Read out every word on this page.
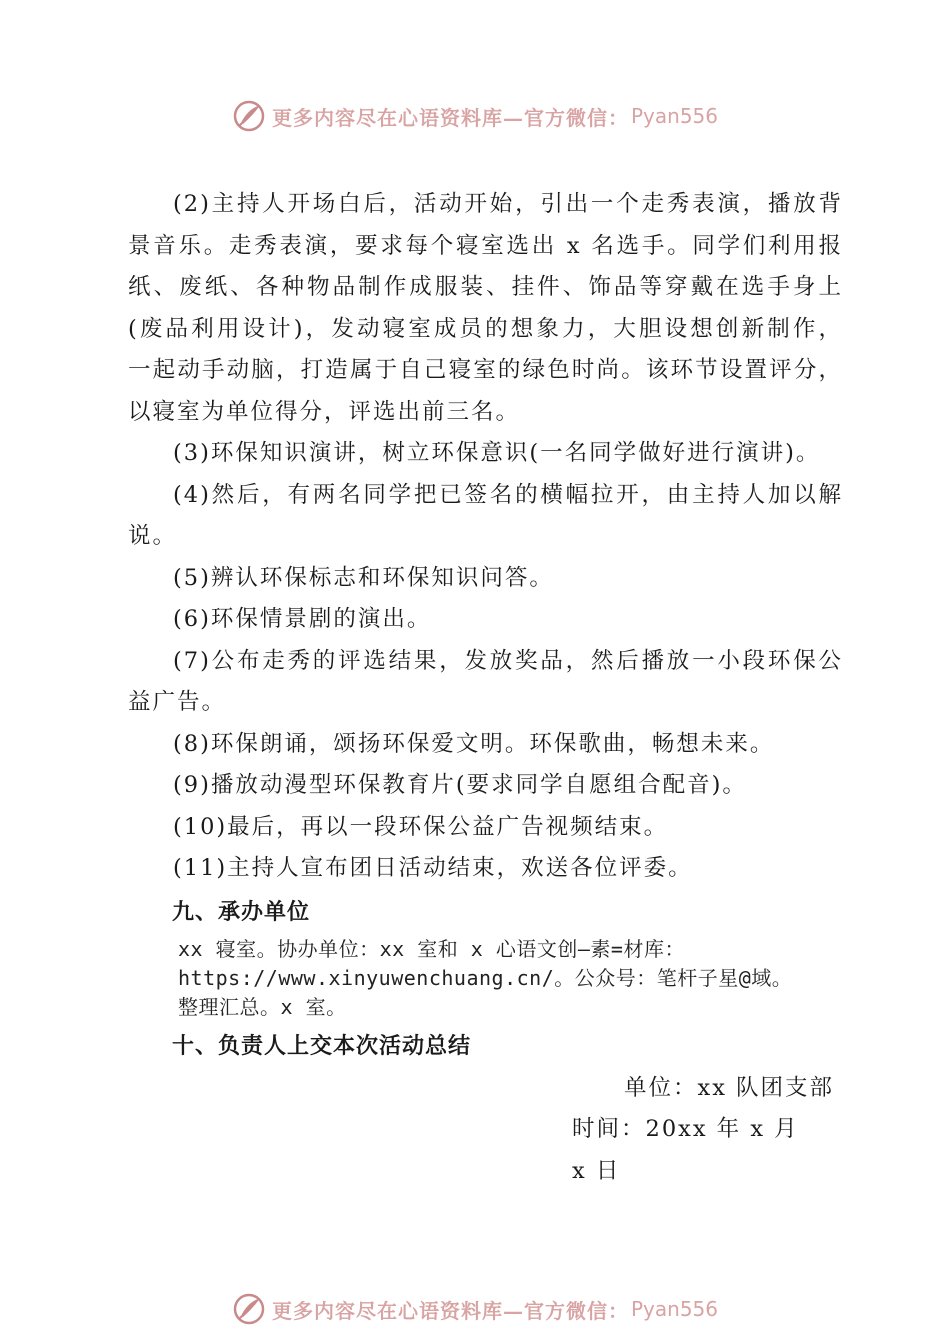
更多内容尽在心语资料库—官方微信： Pyan556

(2)主持人开场白后，活动开始，引出一个走秀表演，播放背景音乐。走秀表演，要求每个寝室选出 x 名选手。同学们利用报纸、废纸、各种物品制作成服装、挂件、饰品等穿戴在选手身上 (废品利用设计)，发动寝室成员的想象力，大胆设想创新制作， 一起动手动脑，打造属于自己寝室的绿色时尚。该环节设置评分， 以寝室为单位得分，评选出前三名。

(3)环保知识演讲，树立环保意识(一名同学做好进行演讲)。

(4)然后，有两名同学把已签名的横幅拉开，由主持人加以解说。

(5)辨认环保标志和环保知识问答。

(6)环保情景剧的演出。

(7)公布走秀的评选结果，发放奖品，然后播放一小段环保公益广告。

(8)环保朗诵，颂扬环保爱文明。环保歌曲，畅想未来。

(9)播放动漫型环保教育片(要求同学自愿组合配音)。

(10)最后，再以一段环保公益广告视频结束。

(11)主持人宣布团日活动结束，欢送各位评委。

九、承办单位

xx 寝室。协办单位：xx 室和 x 心语文创—素=材库：
https://www.xinyuwenchuang.cn/。公众号：笔杆子星@域。
整理汇总。x 室。

十、负责人上交本次活动总结

单位：xx 队团支部

时间：20xx 年 x 月 x 日

更多内容尽在心语资料库—官方微信： Pyan556
